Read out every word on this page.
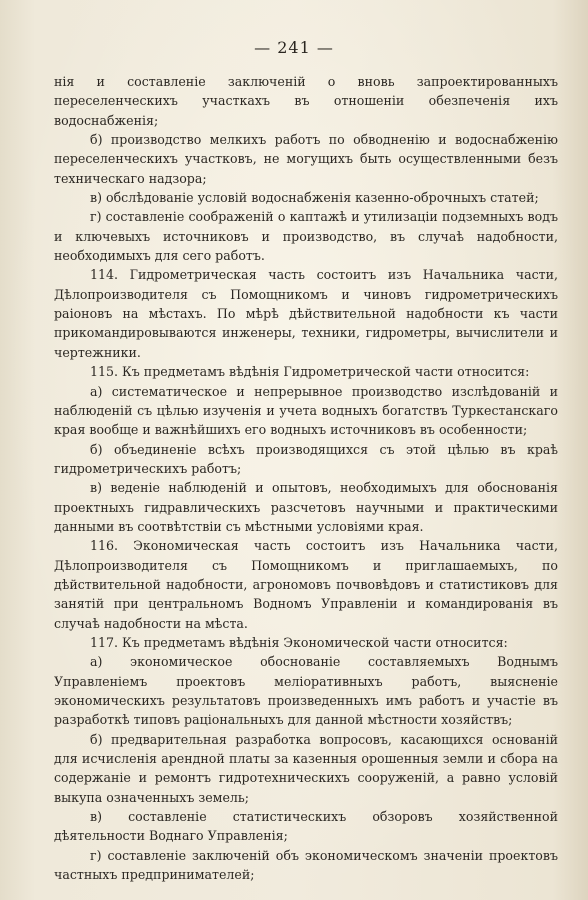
— 241 —

нія и составленіе заключеній о вновь запроектированныхъ переселенческихъ участкахъ въ отношеніи обезпеченія ихъ водоснабженія;

б) производство мелкихъ работъ по обводненію и водоснабженію переселенческихъ участковъ, не могущихъ быть осуществленными безъ техническаго надзора;

в) обслѣдованіе условій водоснабженія казенно-оброчныхъ статей;

г) составленіе соображеній о каптажѣ и утилизаціи подземныхъ водъ и ключевыхъ источниковъ и производство, въ случаѣ надобности, необходимыхъ для сего работъ.

114. Гидрометрическая часть состоитъ изъ Начальника части, Дѣлопроизводителя съ Помощникомъ и чиновъ гидрометрическихъ раіоновъ на мѣстахъ. По мѣрѣ дѣйствительной надобности къ части прикомандировываются инженеры, техники, гидрометры, вычислители и чертежники.

115. Къ предметамъ вѣдѣнія Гидрометрической части относится:

а) систематическое и непрерывное производство изслѣдованій и наблюденій съ цѣлью изученія и учета водныхъ богатствъ Туркестанскаго края вообще и важнѣйшихъ его водныхъ источниковъ въ особенности;

б) объединеніе всѣхъ производящихся съ этой цѣлью въ краѣ гидрометрическихъ работъ;

в) веденіе наблюденій и опытовъ, необходимыхъ для обоснованія проектныхъ гидравлическихъ разсчетовъ научными и практическими данными въ соотвѣтствіи съ мѣстными условіями края.

116. Экономическая часть состоитъ изъ Начальника части, Дѣлопроизводителя съ Помощникомъ и приглашаемыхъ, по дѣйствительной надобности, агрономовъ почвовѣдовъ и статистиковъ для занятій при центральномъ Водномъ Управленіи и командированія въ случаѣ надобности на мѣста.

117. Къ предметамъ вѣдѣнія Экономической части относится:

а) экономическое обоснованіе составляемыхъ Воднымъ Управленіемъ проектовъ меліоративныхъ работъ, выясненіе экономическихъ результатовъ произведенныхъ имъ работъ и участіе въ разработкѣ типовъ раціональныхъ для данной мѣстности хозяйствъ;

б) предварительная разработка вопросовъ, касающихся основаній для исчисленія арендной платы за казенныя орошенныя земли и сбора на содержаніе и ремонтъ гидротехническихъ сооруженій, а равно условій выкупа означенныхъ земель;

в) составленіе статистическихъ обзоровъ хозяйственной дѣятельности Воднаго Управленія;

г) составленіе заключеній объ экономическомъ значеніи проектовъ частныхъ предпринимателей;
